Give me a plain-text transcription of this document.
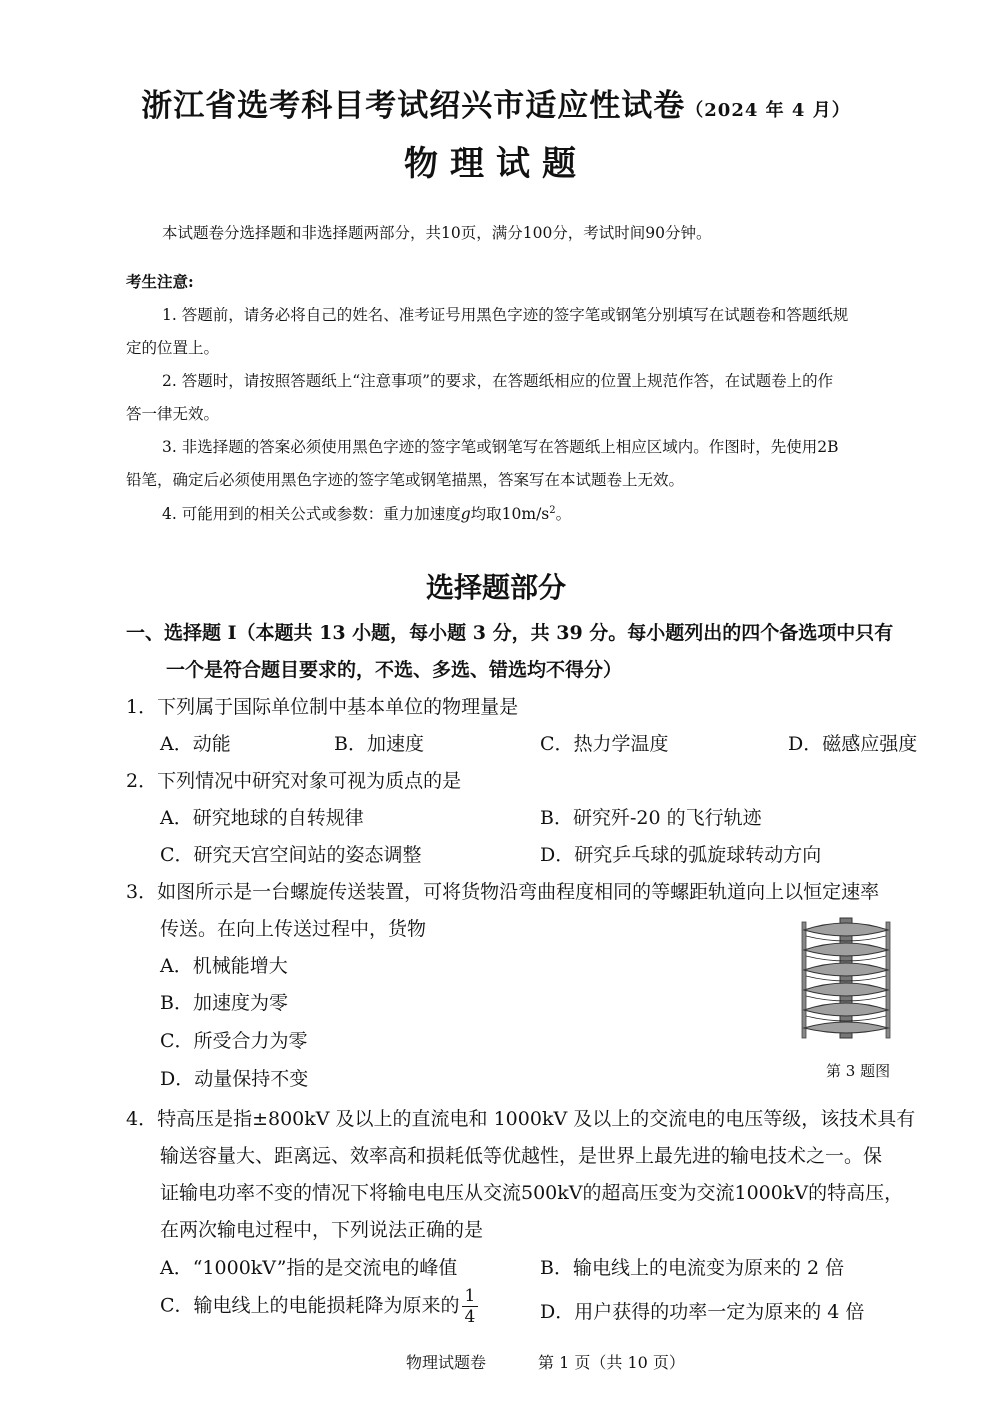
浙江省选考科目考试绍兴市适应性试卷（2024 年 4 月）
物理试题
本试题卷分选择题和非选择题两部分，共10页，满分100分，考试时间90分钟。
考生注意:
1. 答题前，请务必将自己的姓名、准考证号用黑色字迹的签字笔或钢笔分别填写在试题卷和答题纸规
定的位置上。
2. 答题时，请按照答题纸上“注意事项”的要求，在答题纸相应的位置上规范作答，在试题卷上的作
答一律无效。
3. 非选择题的答案必须使用黑色字迹的签字笔或钢笔写在答题纸上相应区域内。作图时，先使用2B
铅笔，确定后必须使用黑色字迹的签字笔或钢笔描黑，答案写在本试题卷上无效。
4. 可能用到的相关公式或参数：重力加速度g均取$10m/s^2$。
选择题部分
一、选择题 I（本题共 13 小题，每小题 3 分，共 39 分。每小题列出的四个备选项中只有
一个是符合题目要求的，不选、多选、错选均不得分）
1．下列属于国际单位制中基本单位的物理量是
A．动能	B．加速度	C．热力学温度	D．磁感应强度
2．下列情况中研究对象可视为质点的是
A．研究地球的自转规律	B．研究歼-20 的飞行轨迹
C．研究天宫空间站的姿态调整	D．研究乒乓球的弧旋球转动方向
3．如图所示是一台螺旋传送装置，可将货物沿弯曲程度相同的等螺距轨道向上以恒定速率
传送。在向上传送过程中，货物
A．机械能增大
B．加速度为零
C．所受合力为零
D．动量保持不变	第 3 题图
4．特高压是指±800kV 及以上的直流电和 1000kV 及以上的交流电的电压等级，该技术具有
输送容量大、距离远、效率高和损耗低等优越性，是世界上最先进的输电技术之一。保
证输电功率不变的情况下将输电电压从交流500kV的超高压变为交流1000kV的特高压，
在两次输电过程中，下列说法正确的是
A．“1000kV”指的是交流电的峰值	B．输电线上的电流变为原来的 2 倍
C．输电线上的电能损耗降为原来的 $\frac{1}{4}$	D．用户获得的功率一定为原来的 4 倍
物理试题卷	第 1 页（共 10 页）
